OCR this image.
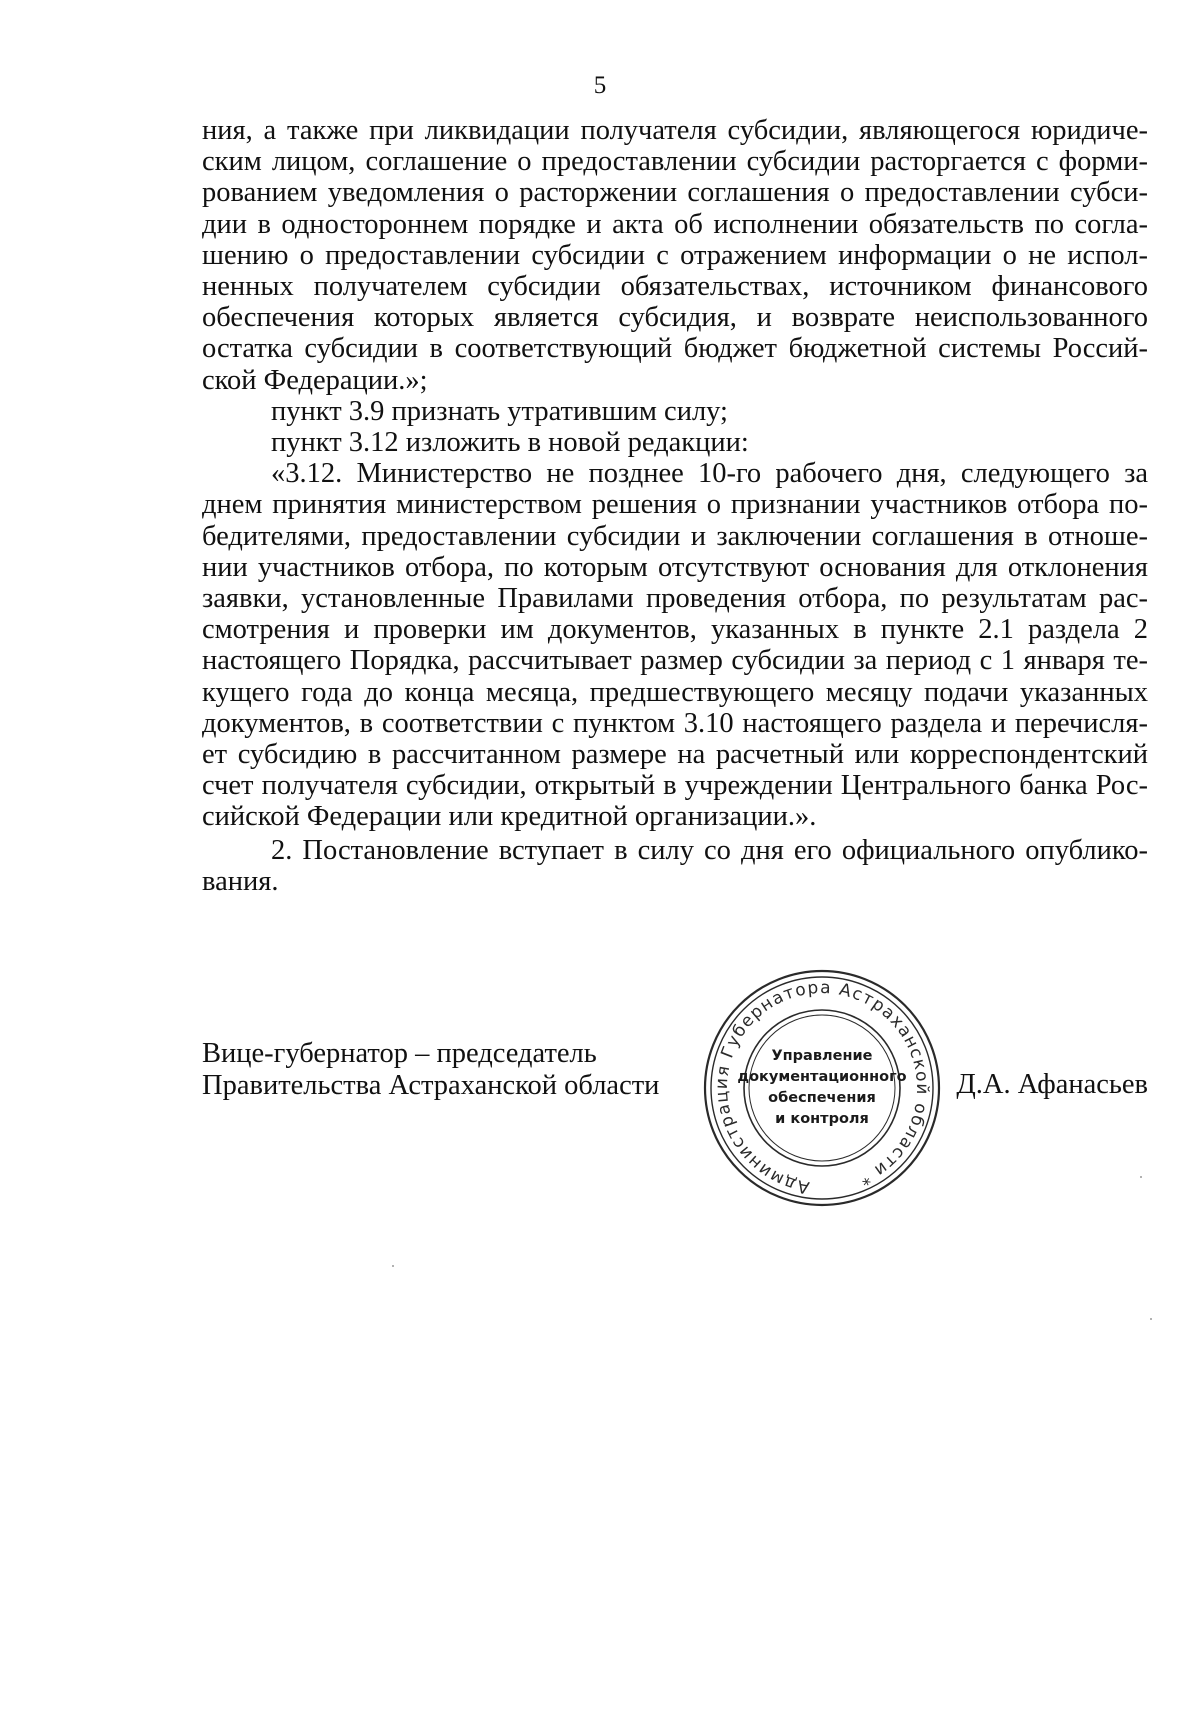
5

ния, а также при ликвидации получателя субсидии, являющегося юридическим лицом, соглашение о предоставлении субсидии расторгается с формированием уведомления о расторжении соглашения о предоставлении субсидии в одностороннем порядке и акта об исполнении обязательств по соглашению о предоставлении субсидии с отражением информации о не исполненных получателем субсидии обязательствах, источником финансового обеспечения которых является субсидия, и возврате неиспользованного остатка субсидии в соответствующий бюджет бюджетной системы Российской Федерации.»;

пункт 3.9 признать утратившим силу;

пункт 3.12 изложить в новой редакции:

«3.12. Министерство не позднее 10-го рабочего дня, следующего за днем принятия министерством решения о признании участников отбора победителями, предоставлении субсидии и заключении соглашения в отношении участников отбора, по которым отсутствуют основания для отклонения заявки, установленные Правилами проведения отбора, по результатам рассмотрения и проверки им документов, указанных в пункте 2.1 раздела 2 настоящего Порядка, рассчитывает размер субсидии за период с 1 января текущего года до конца месяца, предшествующего месяцу подачи указанных документов, в соответствии с пунктом 3.10 настоящего раздела и перечисляет субсидию в рассчитанном размере на расчетный или корреспондентский счет получателя субсидии, открытый в учреждении Центрального банка Российской Федерации или кредитной организации.».

2. Постановление вступает в силу со дня его официального опубликования.

Вице-губернатор – председатель
Правительства Астраханской области	Д.А. Афанасьев
Администрация Губернатора Астраханской области *
Управление
документационного
обеспечения
и контроля
